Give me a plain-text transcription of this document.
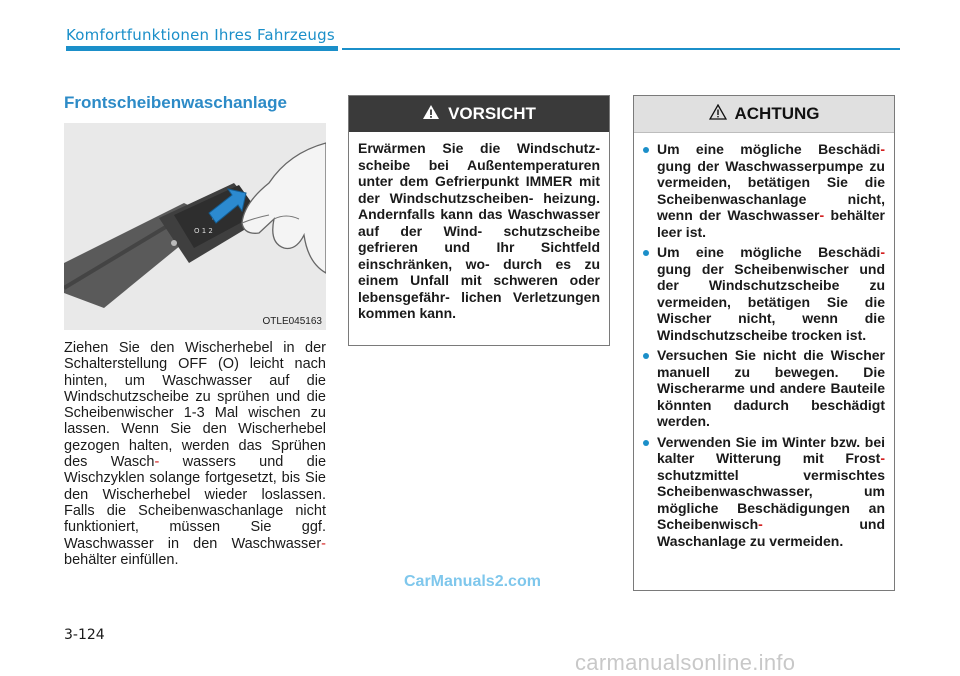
Komfortfunktionen Ihres Fahrzeugs
Frontscheibenwaschanlage
O 1 2
OTLE045163
Ziehen Sie den Wischerhebel in der Schalterstellung OFF (O) leicht nach hinten, um Waschwasser auf die Windschutzscheibe zu sprühen und die Scheibenwischer 1-3 Mal wischen zu lassen. Wenn Sie den Wischerhebel gezogen halten, werden das Sprühen des Wasch- wassers und die Wischzyklen solange fortgesetzt, bis Sie den Wischerhebel wieder loslassen. Falls die Scheibenwaschanlage nicht funktioniert, müssen Sie ggf. Waschwasser in den Waschwasser- behälter einfüllen.
VORSICHT
Erwärmen Sie die Windschutz- scheibe bei Außentemperaturen unter dem Gefrierpunkt IMMER mit der Windschutzscheiben- heizung. Andernfalls kann das Waschwasser auf der Wind- schutzscheibe gefrieren und Ihr Sichtfeld einschränken, wo- durch es zu einem Unfall mit schweren oder lebensgefähr- lichen Verletzungen kommen kann.
ACHTUNG
Um eine mögliche Beschädi- gung der Waschwasserpumpe zu vermeiden, betätigen Sie die Scheibenwaschanlage nicht, wenn der Waschwasser- behälter leer ist.
Um eine mögliche Beschädi- gung der Scheibenwischer und der Windschutzscheibe zu vermeiden, betätigen Sie die Wischer nicht, wenn die Windschutzscheibe trocken ist.
Versuchen Sie nicht die Wischer manuell zu bewegen. Die Wischerarme und andere Bauteile könnten dadurch beschädigt werden.
Verwenden Sie im Winter bzw. bei kalter Witterung mit Frost- schutzmittel vermischtes Scheibenwaschwasser, um mögliche Beschädigungen an Scheibenwisch- und Waschanlage zu vermeiden.
3-124
CarManuals2.com
carmanualsonline.info
